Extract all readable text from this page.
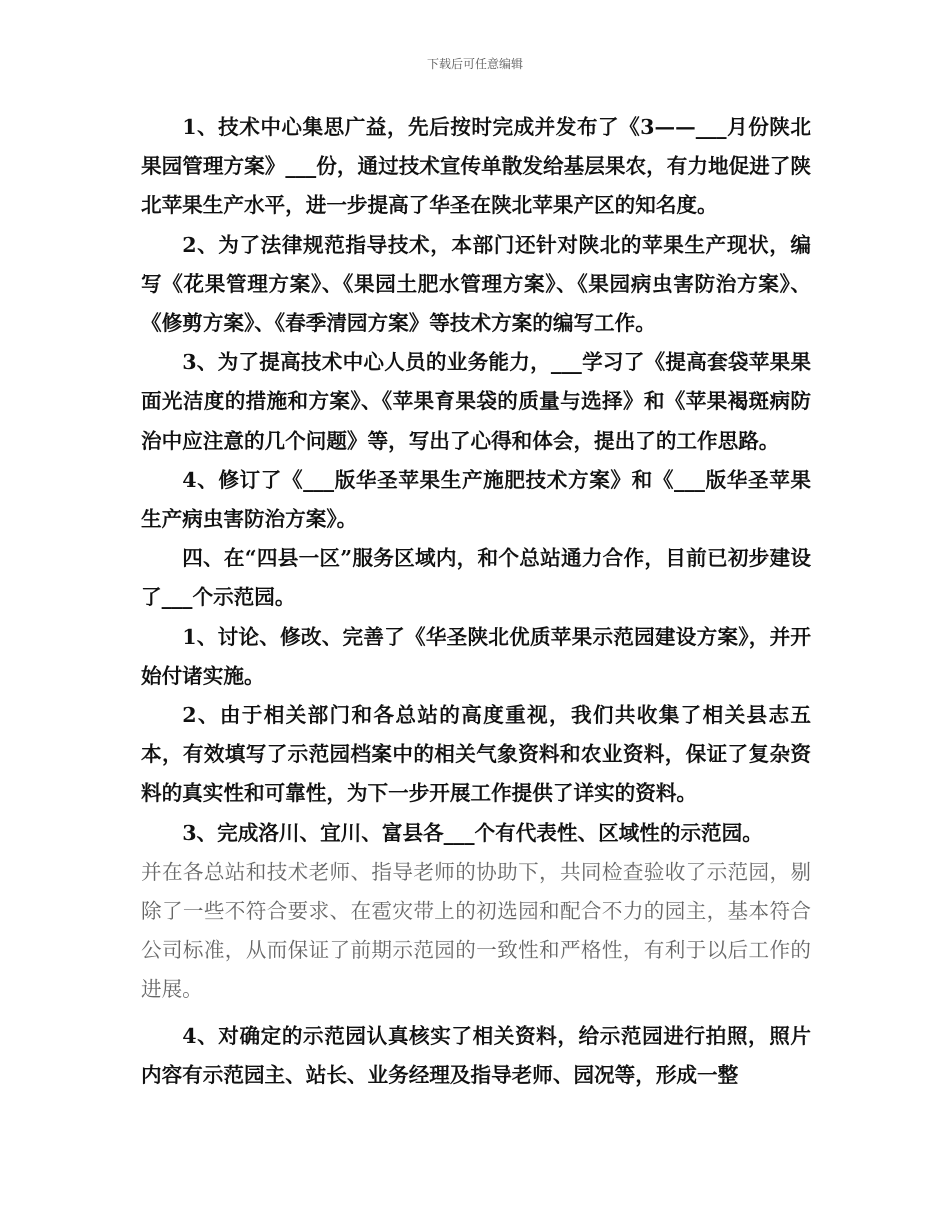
下载后可任意编辑

1、技术中心集思广益，先后按时完成并发布了《3——___月份陕北果园管理方案》___份，通过技术宣传单散发给基层果农，有力地促进了陕北苹果生产水平，进一步提高了华圣在陕北苹果产区的知名度。

2、为了法律规范指导技术，本部门还针对陕北的苹果生产现状，编写《花果管理方案》、《果园土肥水管理方案》、《果园病虫害防治方案》、《修剪方案》、《春季清园方案》等技术方案的编写工作。

3、为了提高技术中心人员的业务能力，___学习了《提高套袋苹果果面光洁度的措施和方案》、《苹果育果袋的质量与选择》和《苹果褐斑病防治中应注意的几个问题》等，写出了心得和体会，提出了的工作思路。

4、修订了《___版华圣苹果生产施肥技术方案》和《___版华圣苹果生产病虫害防治方案》。

四、在“四县一区”服务区域内，和个总站通力合作，目前已初步建设了___个示范园。

1、讨论、修改、完善了《华圣陕北优质苹果示范园建设方案》，并开始付诸实施。

2、由于相关部门和各总站的高度重视，我们共收集了相关县志五本，有效填写了示范园档案中的相关气象资料和农业资料，保证了复杂资料的真实性和可靠性，为下一步开展工作提供了详实的资料。

3、完成洛川、宜川、富县各___个有代表性、区域性的示范园。

并在各总站和技术老师、指导老师的协助下，共同检查验收了示范园，剔除了一些不符合要求、在雹灾带上的初选园和配合不力的园主，基本符合公司标准，从而保证了前期示范园的一致性和严格性，有利于以后工作的进展。

4、对确定的示范园认真核实了相关资料，给示范园进行拍照，照片内容有示范园主、站长、业务经理及指导老师、园况等，形成一整
